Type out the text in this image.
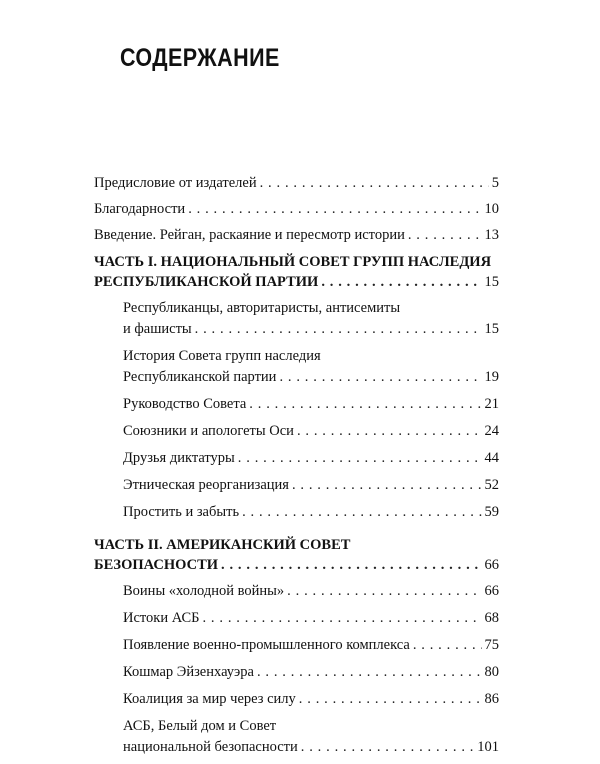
СОДЕРЖАНИЕ
Предисловие от издателей . . .	5
Благодарности . . .	10
Введение. Рейган, раскаяние и пересмотр истории . . .	13
ЧАСТЬ I. НАЦИОНАЛЬНЫЙ СОВЕТ ГРУПП НАСЛЕДИЯ
РЕСПУБЛИКАНСКОЙ ПАРТИИ . . .	15
Республиканцы, авторитаристы, антисемиты
и фашисты . . .	15
История Совета групп наследия
Республиканской партии . . .	19
Руководство Совета . . .	21
Союзники и апологеты Оси . . .	24
Друзья диктатуры . . .	44
Этническая реорганизация . . .	52
Простить и забыть . . .	59
ЧАСТЬ II. АМЕРИКАНСКИЙ СОВЕТ
БЕЗОПАСНОСТИ . . .	66
Воины «холодной войны» . . .	66
Истоки АСБ . . .	68
Появление военно-промышленного комплекса . . .	75
Кошмар Эйзенхауэра . . .	80
Коалиция за мир через силу . . .	86
АСБ, Белый дом и Совет
национальной безопасности . . .	101
